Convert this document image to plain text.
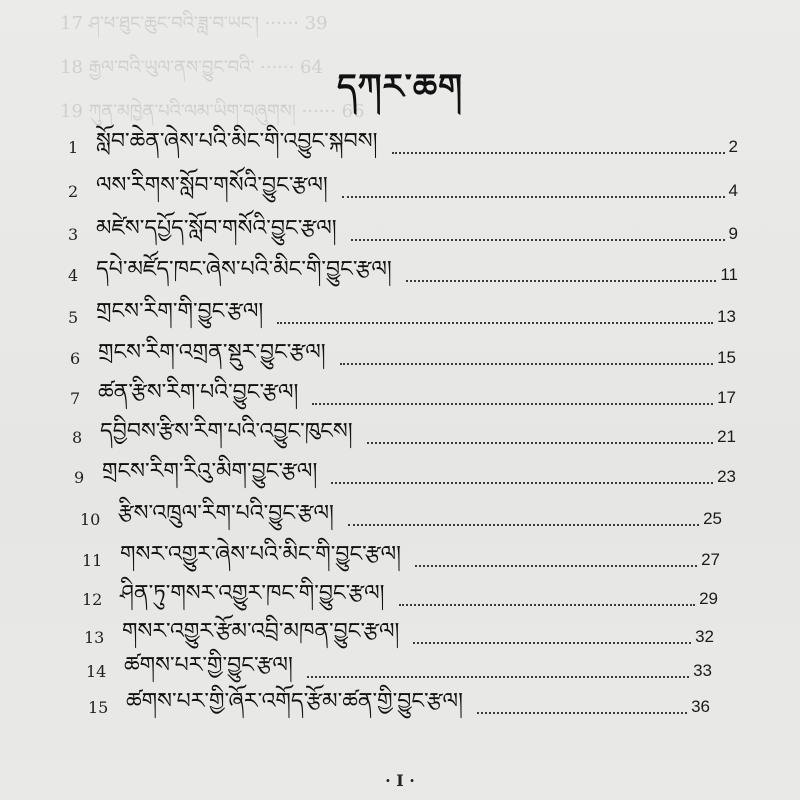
17 ཤ་ཕ་ཐུང་ཆུང་བའི་ཟླ་བ་ཡང་། ······ 39
18 རྒྱལ་བའི་ཡུལ་ནས་བྱུང་བའི་ ······ 64
19 ཀུན་མཁྱེན་པའི་ལམ་ཡིག་བཞུགས། ······ 66
དཀར་ཆག
1 སློབ་ཆེན་ཞེས་པའི་མིང་གི་འབྱུང་སྐབས།	2
2 ལས་རིགས་སློབ་གསོའི་བྱུང་རྩལ།	4
3 མཛེས་དཔྱོད་སློབ་གསོའི་བྱུང་རྩལ།	9
4 དཔེ་མཛོད་ཁང་ཞེས་པའི་མིང་གི་བྱུང་རྩལ།	11
5 གྲངས་རིག་གི་བྱུང་རྩལ།	13
6 གྲངས་རིག་འགྲན་སྡུར་བྱུང་རྩལ།	15
7 ཚན་རྩིས་རིག་པའི་བྱུང་རྩལ།	17
8 དབྱིབས་རྩིས་རིག་པའི་འབྱུང་ཁུངས།	21
9 གྲངས་རིག་རིའུ་མིག་བྱུང་རྩལ།	23
10 རྩིས་འཁྲུལ་རིག་པའི་བྱུང་རྩལ།	25
11 གསར་འགྱུར་ཞེས་པའི་མིང་གི་བྱུང་རྩལ།	27
12 ཤིན་ཏུ་གསར་འགྱུར་ཁང་གི་བྱུང་རྩལ།	29
13 གསར་འགྱུར་རྩོམ་འབྲི་མཁན་བྱུང་རྩལ།	32
14 ཚགས་པར་གྱི་བྱུང་རྩལ།	33
15 ཚགས་པར་གྱི་ཞོར་འགོད་རྩོམ་ཚན་གྱི་བྱུང་རྩལ།	36
· I ·
